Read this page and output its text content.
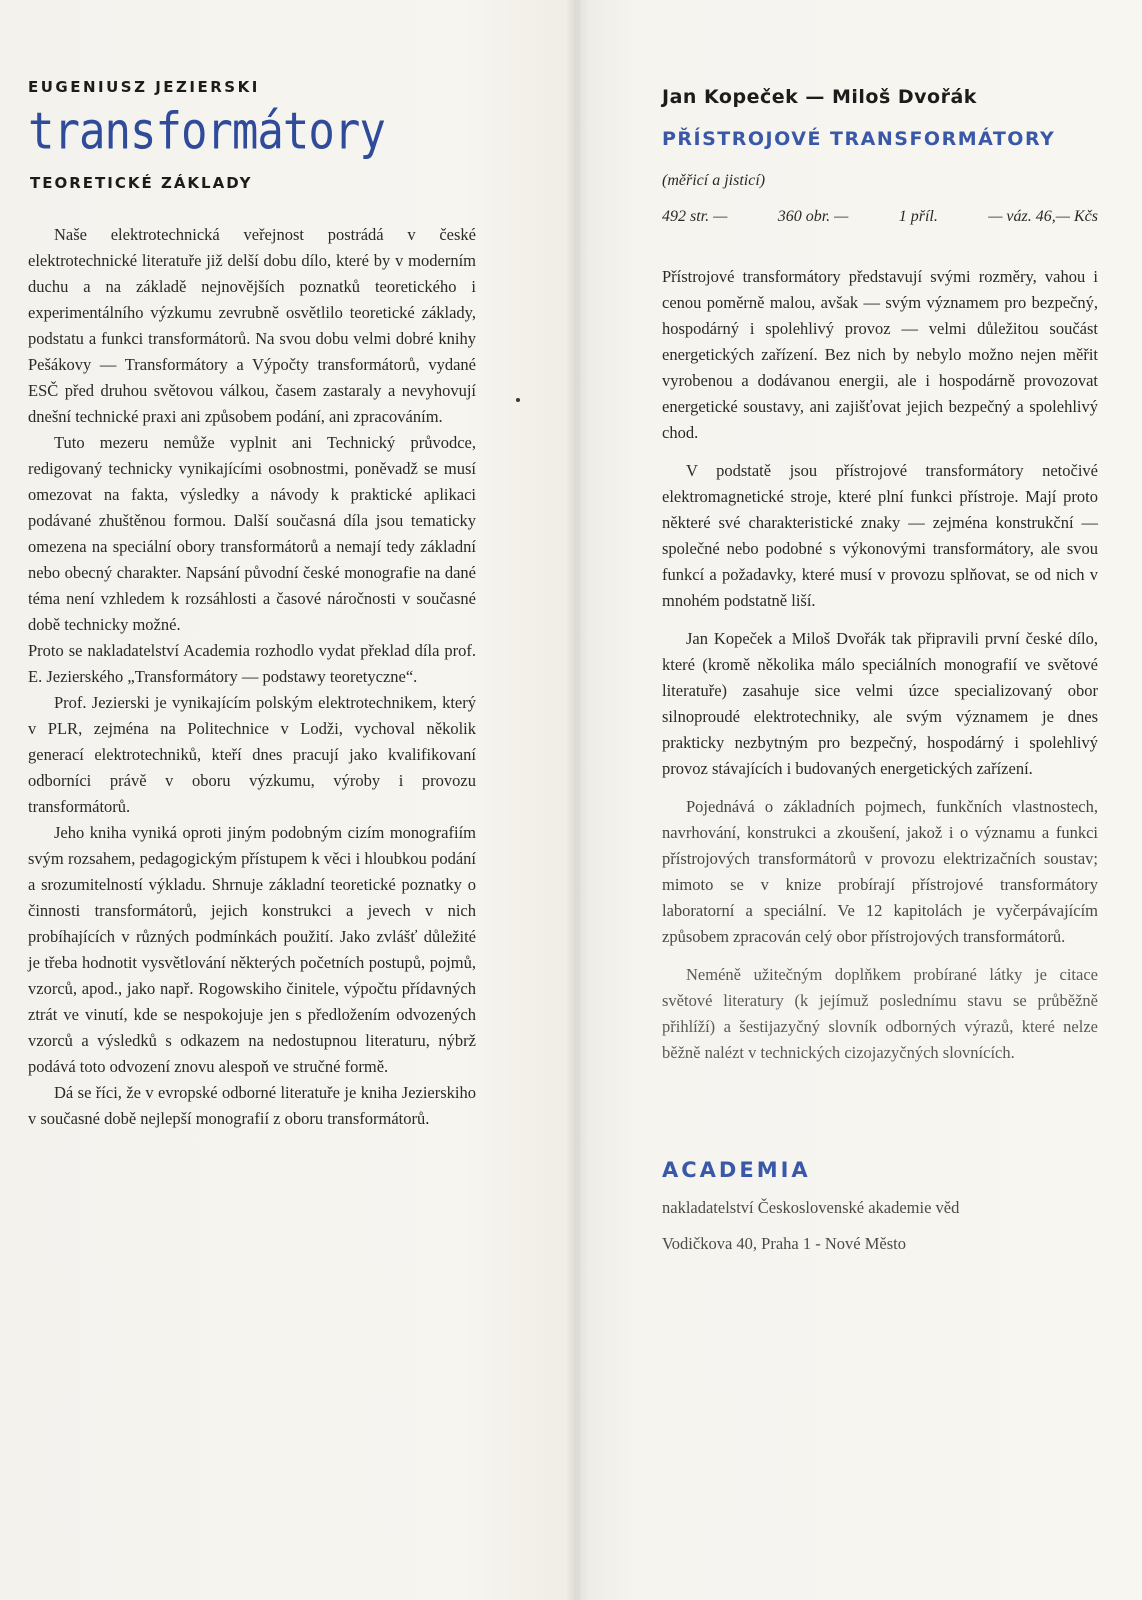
EUGENIUSZ JEZIERSKI
transformátory
TEORETICKÉ ZÁKLADY

Naše elektrotechnická veřejnost postrádá v české elektrotechnické literatuře již delší dobu dílo, které by v moderním duchu a na základě nejnovějších poznatků teoretického i experimentálního výzkumu zevrubně osvětlilo teoretické základy, podstatu a funkci transformátorů. Na svou dobu velmi dobré knihy Pešákovy — Transformátory a Výpočty transformátorů, vydané ESČ před druhou světovou válkou, časem zastaraly a nevyhovují dnešní technické praxi ani způsobem podání, ani zpracováním.

Tuto mezeru nemůže vyplnit ani Technický průvodce, redigovaný technicky vynikajícími osobnostmi, poněvadž se musí omezovat na fakta, výsledky a návody k praktické aplikaci podávané zhuštěnou formou. Další současná díla jsou tematicky omezena na speciální obory transformátorů a nemají tedy základní nebo obecný charakter. Napsání původní české monografie na dané téma není vzhledem k rozsáhlosti a časové náročnosti v současné době technicky možné.

Proto se nakladatelství Academia rozhodlo vydat překlad díla prof. E. Jezierského „Transformátory — podstawy teoretyczne“.

Prof. Jezierski je vynikajícím polským elektrotechnikem, který v PLR, zejména na Politechnice v Lodži, vychoval několik generací elektrotechniků, kteří dnes pracují jako kvalifikovaní odborníci právě v oboru výzkumu, výroby i provozu transformátorů.

Jeho kniha vyniká oproti jiným podobným cizím monografiím svým rozsahem, pedagogickým přístupem k věci i hloubkou podání a srozumitelností výkladu. Shrnuje základní teoretické poznatky o činnosti transformátorů, jejich konstrukci a jevech v nich probíhajících v různých podmínkách použití. Jako zvlášť důležité je třeba hodnotit vysvětlování některých početních postupů, pojmů, vzorců, apod., jako např. Rogowskiho činitele, výpočtu přídavných ztrát ve vinutí, kde se nespokojuje jen s předložením odvozených vzorců a výsledků s odkazem na nedostupnou literaturu, nýbrž podává toto odvození znovu alespoň ve stručné formě.

Dá se říci, že v evropské odborné literatuře je kniha Jezierskiho v současné době nejlepší monografií z oboru transformátorů.

Jan Kopeček — Miloš Dvořák
PŘÍSTROJOVÉ TRANSFORMÁTORY
(měřicí a jisticí)
492 str. —	360 obr. —	1 příl.	— váz. 46,— Kčs

Přístrojové transformátory představují svými rozměry, vahou i cenou poměrně malou, avšak — svým významem pro bezpečný, hospodárný i spolehlivý provoz — velmi důležitou součást energetických zařízení. Bez nich by nebylo možno nejen měřit vyrobenou a dodávanou energii, ale i hospodárně provozovat energetické soustavy, ani zajišťovat jejich bezpečný a spolehlivý chod.

V podstatě jsou přístrojové transformátory netočivé elektromagnetické stroje, které plní funkci přístroje. Mají proto některé své charakteristické znaky — zejména konstrukční — společné nebo podobné s výkonovými transformátory, ale svou funkcí a požadavky, které musí v provozu splňovat, se od nich v mnohém podstatně liší.

Jan Kopeček a Miloš Dvořák tak připravili první české dílo, které (kromě několika málo speciálních monografií ve světové literatuře) zasahuje sice velmi úzce specializovaný obor silnoproudé elektrotechniky, ale svým významem je dnes prakticky nezbytným pro bezpečný, hospodárný i spolehlivý provoz stávajících i budovaných energetických zařízení.

Pojednává o základních pojmech, funkčních vlastnostech, navrhování, konstrukci a zkoušení, jakož i o významu a funkci přístrojových transformátorů v provozu elektrizačních soustav; mimoto se v knize probírají přístrojové transformátory laboratorní a speciální. Ve 12 kapitolách je vyčerpávajícím způsobem zpracován celý obor přístrojových transformátorů.

Neméně užitečným doplňkem probírané látky je citace světové literatury (k jejímuž poslednímu stavu se průběžně přihlíží) a šestijazyčný slovník odborných výrazů, které nelze běžně nalézt v technických cizojazyčných slovnících.

ACADEMIA
nakladatelství Československé akademie věd
Vodičkova 40, Praha 1 - Nové Město
